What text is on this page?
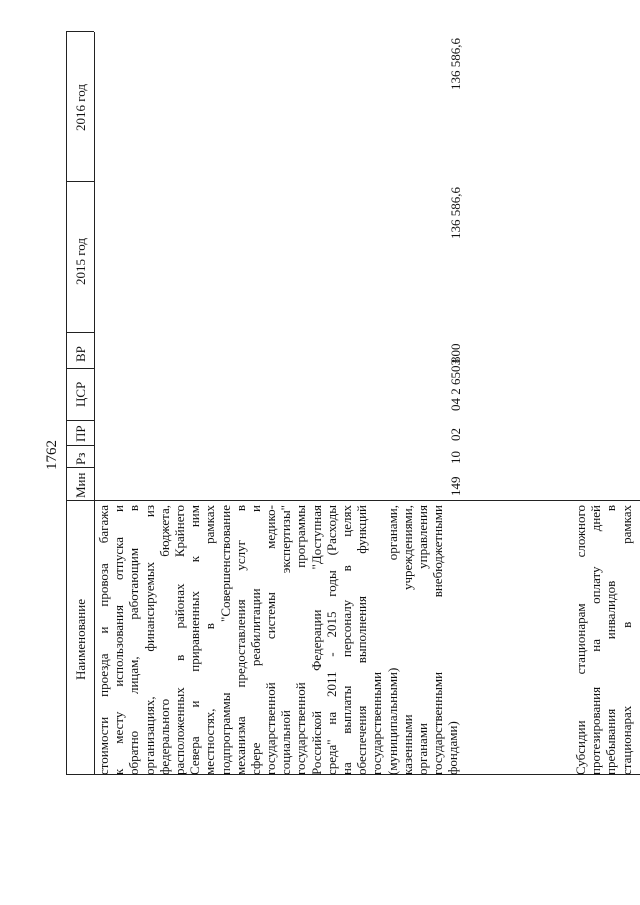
1762
Наименование
Мин
Рз
ПР
ЦСР
ВР
2015 год
2016 год
стоимости проезда и провоза багажа к месту использования отпуска и обратно лицам, работающим в организациях, финансируемых из федерального бюджета, расположенных в районах Крайнего Севера и приравненных к ним местностях, в рамках подпрограммы "Совершенствование механизма предоставления услуг в сфере реабилитации и государственной системы медико- социальной экспертизы" государственной программы Российской Федерации "Доступная среда" на 2011 - 2015 годы (Расходы на выплаты персоналу в целях обеспечения выполнения функций государственными (муниципальными) органами, казенными учреждениями, органами управления государственными внебюджетными фондами)
149
10
02
04 2 6503
800
136 586,6
136 586,6
Субсидии стационарам сложного протезирования на оплату дней пребывания инвалидов в стационарах в рамках
